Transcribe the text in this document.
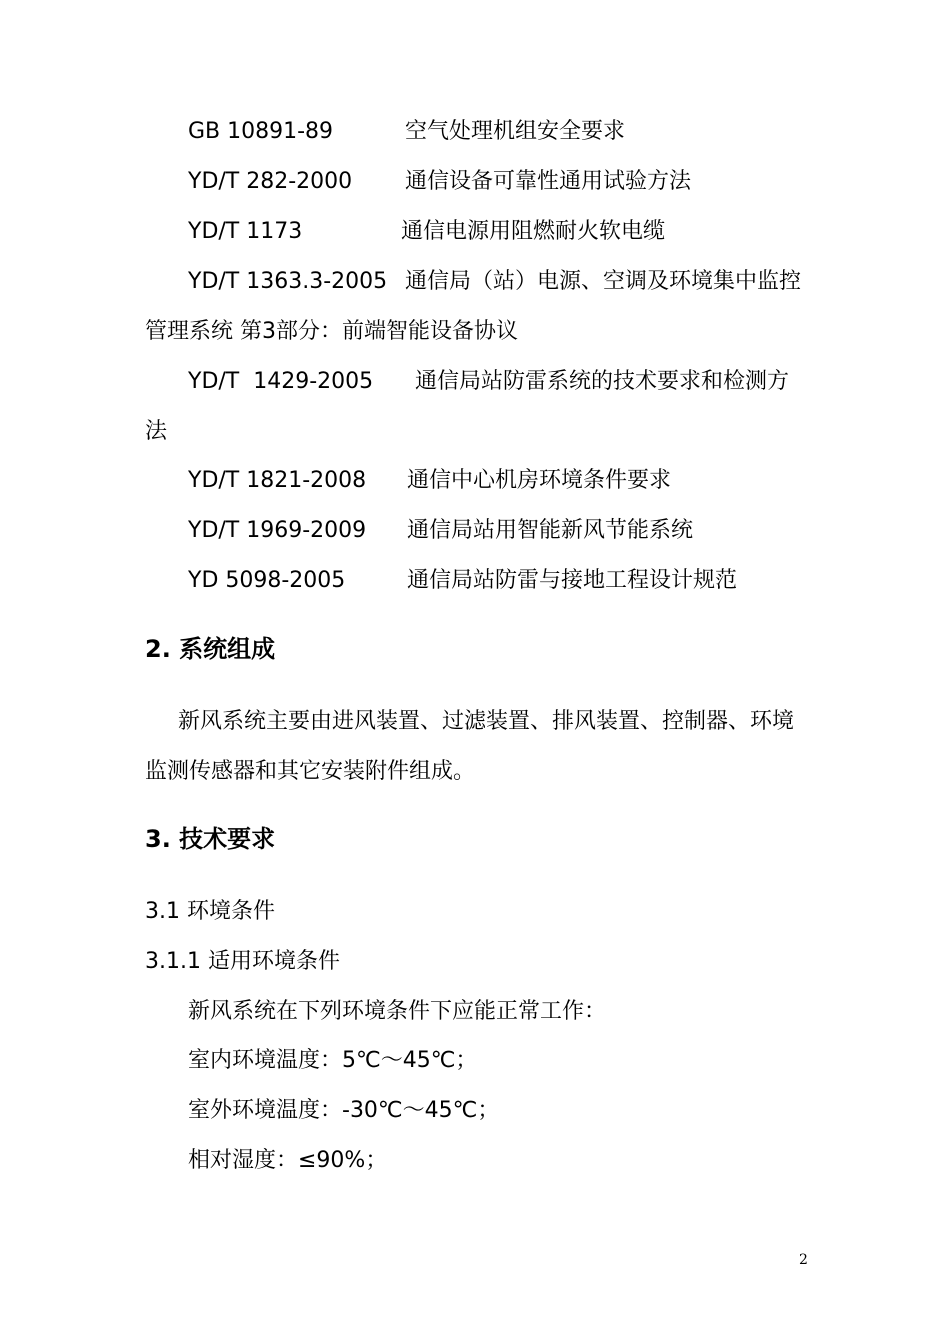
GB 10891-89	空气处理机组安全要求
YD/T 282-2000 通信设备可靠性通用试验方法
YD/T 1173	通信电源用阻燃耐火软电缆
YD/T 1363.3-2005 通信局（站）电源、空调及环境集中监控
管理系统 第3部分：前端智能设备协议
YD/T  1429-2005 通信局站防雷系统的技术要求和检测方
法
YD/T 1821-2008 通信中心机房环境条件要求
YD/T 1969-2009 通信局站用智能新风节能系统
YD 5098-2005	通信局站防雷与接地工程设计规范
2. 系统组成
新风系统主要由进风装置、过滤装置、排风装置、控制器、环境
监测传感器和其它安装附件组成。
3. 技术要求
3.1 环境条件
3.1.1 适用环境条件
新风系统在下列环境条件下应能正常工作：
室内环境温度：5℃～45℃；
室外环境温度：-30℃～45℃；
相对湿度：≤90%；
2
